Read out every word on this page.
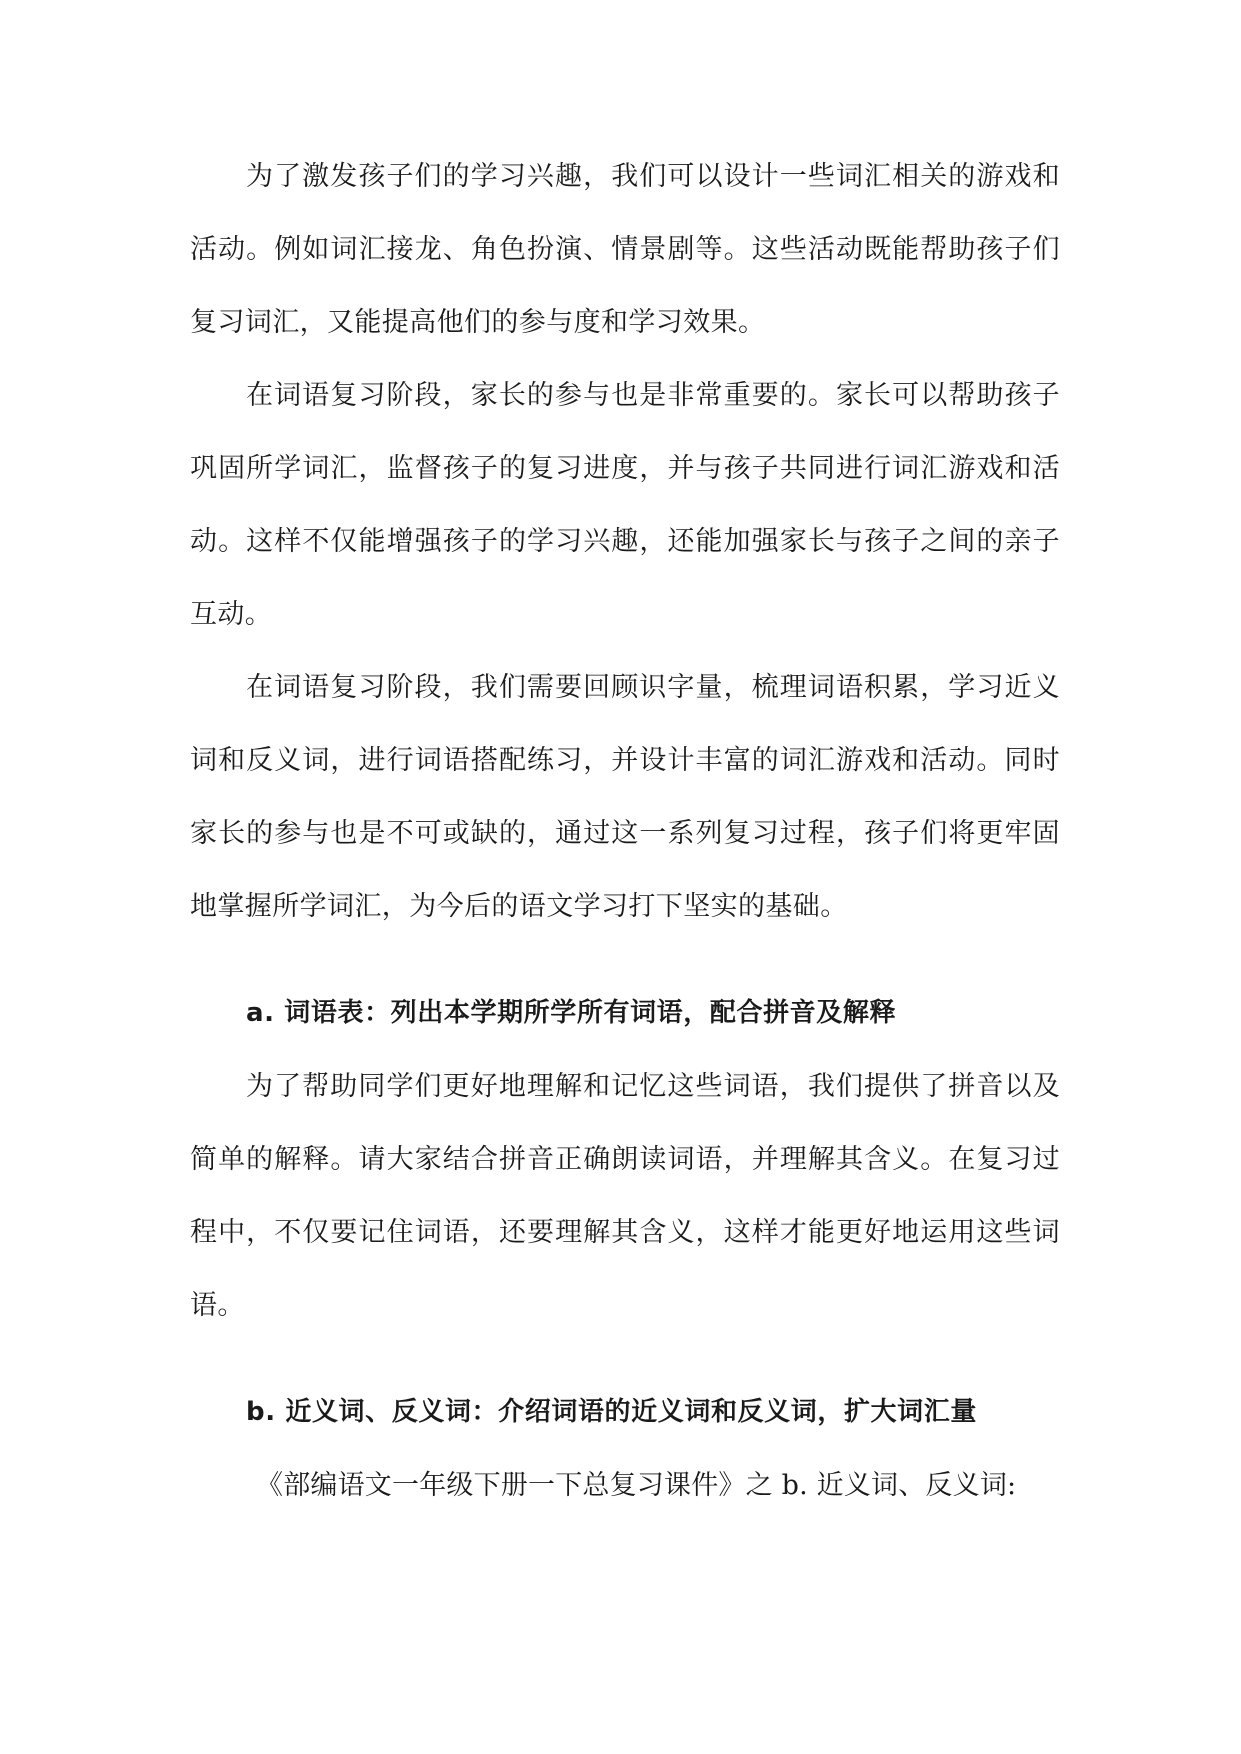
为了激发孩子们的学习兴趣，我们可以设计一些词汇相关的游戏和活动。例如词汇接龙、角色扮演、情景剧等。这些活动既能帮助孩子们复习词汇，又能提高他们的参与度和学习效果。

在词语复习阶段，家长的参与也是非常重要的。家长可以帮助孩子巩固所学词汇，监督孩子的复习进度，并与孩子共同进行词汇游戏和活动。这样不仅能增强孩子的学习兴趣，还能加强家长与孩子之间的亲子互动。

在词语复习阶段，我们需要回顾识字量，梳理词语积累，学习近义词和反义词，进行词语搭配练习，并设计丰富的词汇游戏和活动。同时家长的参与也是不可或缺的，通过这一系列复习过程，孩子们将更牢固地掌握所学词汇，为今后的语文学习打下坚实的基础。

a. 词语表：列出本学期所学所有词语，配合拼音及解释

为了帮助同学们更好地理解和记忆这些词语，我们提供了拼音以及简单的解释。请大家结合拼音正确朗读词语，并理解其含义。在复习过程中，不仅要记住词语，还要理解其含义，这样才能更好地运用这些词语。

b. 近义词、反义词：介绍词语的近义词和反义词，扩大词汇量

《部编语文一年级下册一下总复习课件》之 b. 近义词、反义词:
